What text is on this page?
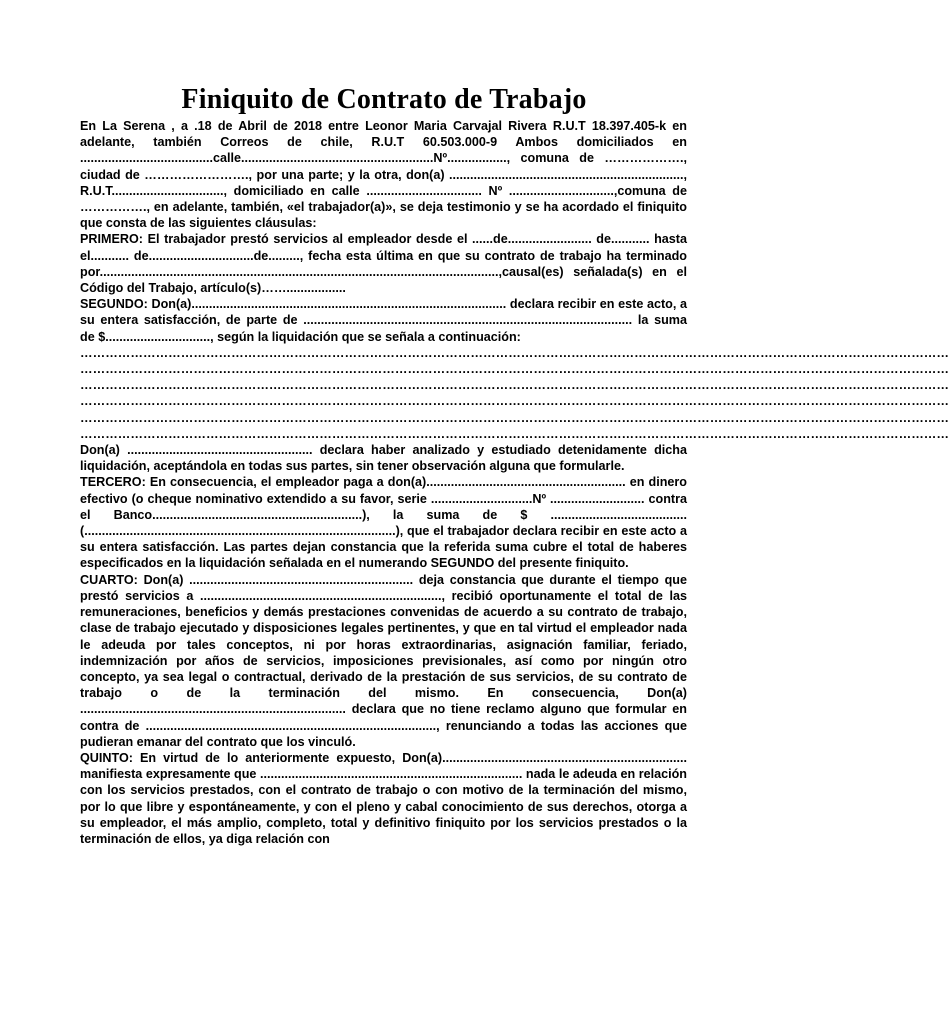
Finiquito de Contrato de Trabajo

En La Serena , a .18 de Abril de 2018 entre Leonor Maria Carvajal Rivera R.U.T 18.397.405-k en adelante, también Correos de chile, R.U.T 60.503.000-9 Ambos domiciliados en ......................................calle.......................................................Nº................., comuna de ………………., ciudad de ……………………., por una parte; y la otra, don(a) ..................................................................., R.U.T................................, domiciliado en calle ................................. Nº ..............................,comuna de ……………., en adelante, también, «el trabajador(a)», se deja testimonio y se ha acordado el finiquito que consta de las siguientes cláusulas:

PRIMERO: El trabajador prestó servicios al empleador desde el ......de........................ de........... hasta el........... de..............................de........., fecha esta última en que su contrato de trabajo ha terminado por..................................................................................................................,causal(es) señalada(s) en el Código del Trabajo, artículo(s)…….................

SEGUNDO: Don(a).......................................................................................... declara recibir en este acto, a su entera satisfacción, de parte de .............................................................................................. la suma de $.............................., según la liquidación que se señala a continuación:

………………………………………………………………………………………………………………………………………………………………………………………
………………………………………………………………………………………………………………………………………………………………………………………
………………………………………………………………………………………………………………………………………………………………………………………
………………………………………………………………………………………………………………………………………………………………………………………
………………………………………………………………………………………………………………………………………………………………………………………
………………………………………………………………………………………………………………………………………………………………………………………

Don(a) ..................................................... declara haber analizado y estudiado detenidamente dicha liquidación, aceptándola en todas sus partes, sin tener observación alguna que formularle.

TERCERO: En consecuencia, el empleador paga a don(a)......................................................... en dinero efectivo (o cheque nominativo extendido a su favor, serie .............................Nº ........................... contra el Banco............................................................), la suma de $ ....................................... (.........................................................................................), que el trabajador declara recibir en este acto a su entera satisfacción. Las partes dejan constancia que la referida suma cubre el total de haberes especificados en la liquidación señalada en el numerando SEGUNDO del presente finiquito.

CUARTO: Don(a) ................................................................ deja constancia que durante el tiempo que prestó servicios a ....................................................................., recibió oportunamente el total de las remuneraciones, beneficios y demás prestaciones convenidas de acuerdo a su contrato de trabajo, clase de trabajo ejecutado y disposiciones legales pertinentes, y que en tal virtud el empleador nada le adeuda por tales conceptos, ni por horas extraordinarias, asignación familiar, feriado, indemnización por años de servicios, imposiciones previsionales, así como por ningún otro concepto, ya sea legal o contractual, derivado de la prestación de sus servicios, de su contrato de trabajo o de la terminación del mismo. En consecuencia, Don(a) ............................................................................ declara que no tiene reclamo alguno que formular en contra de ..................................................................................., renunciando a todas las acciones que pudieran emanar del contrato que los vinculó.

QUINTO: En virtud de lo anteriormente expuesto, Don(a)...................................................................... manifiesta expresamente que ........................................................................... nada le adeuda en relación con los servicios prestados, con el contrato de trabajo o con motivo de la terminación del mismo, por lo que libre y espontáneamente, y con el pleno y cabal conocimiento de sus derechos, otorga a su empleador, el más amplio, completo, total y definitivo finiquito por los servicios prestados o la terminación de ellos, ya diga relación con
